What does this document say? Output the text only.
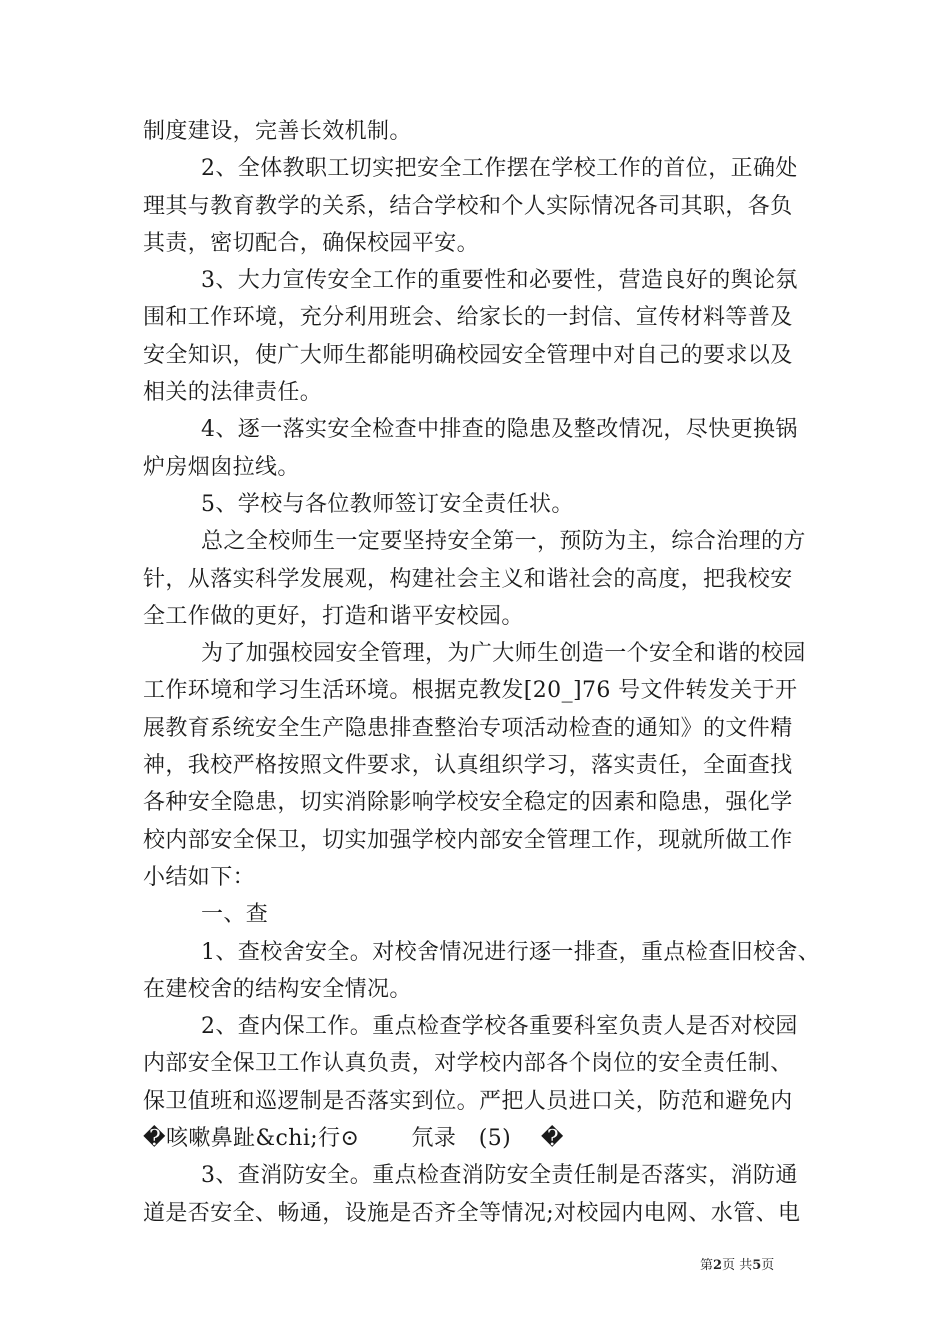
制度建设，完善长效机制。
2、全体教职工切实把安全工作摆在学校工作的首位，正确处
理其与教育教学的关系，结合学校和个人实际情况各司其职，各负
其责，密切配合，确保校园平安。
3、大力宣传安全工作的重要性和必要性，营造良好的舆论氛
围和工作环境，充分利用班会、给家长的一封信、宣传材料等普及
安全知识，使广大师生都能明确校园安全管理中对自己的要求以及
相关的法律责任。
4、逐一落实安全检查中排查的隐患及整改情况，尽快更换锅
炉房烟囱拉线。
5、学校与各位教师签订安全责任状。
总之全校师生一定要坚持安全第一，预防为主，综合治理的方
针，从落实科学发展观，构建社会主义和谐社会的高度，把我校安
全工作做的更好，打造和谐平安校园。
为了加强校园安全管理，为广大师生创造一个安全和谐的校园
工作环境和学习生活环境。根据克教发[20_]76 号文件转发关于开
展教育系统安全生产隐患排查整治专项活动检查的通知》的文件精
神，我校严格按照文件要求，认真组织学习，落实责任，全面查找
各种安全隐患，切实消除影响学校安全稳定的因素和隐患，强化学
校内部安全保卫，切实加强学校内部安全管理工作，现就所做工作
小结如下：
一、查
1、查校舍安全。对校舍情况进行逐一排查，重点检查旧校舍、
在建校舍的结构安全情况。
2、查内保工作。重点检查学校各重要科室负责人是否对校园
内部安全保卫工作认真负责，对学校内部各个岗位的安全责任制、
保卫值班和巡逻制是否落实到位。严把人员进口关，防范和避免内
�咳嗽鼻趾&chi;行⊙　　 氘录　(5)　 �
3、查消防安全。重点检查消防安全责任制是否落实，消防通
道是否安全、畅通，设施是否齐全等情况;对校园内电网、水管、电
第2页 共5页
